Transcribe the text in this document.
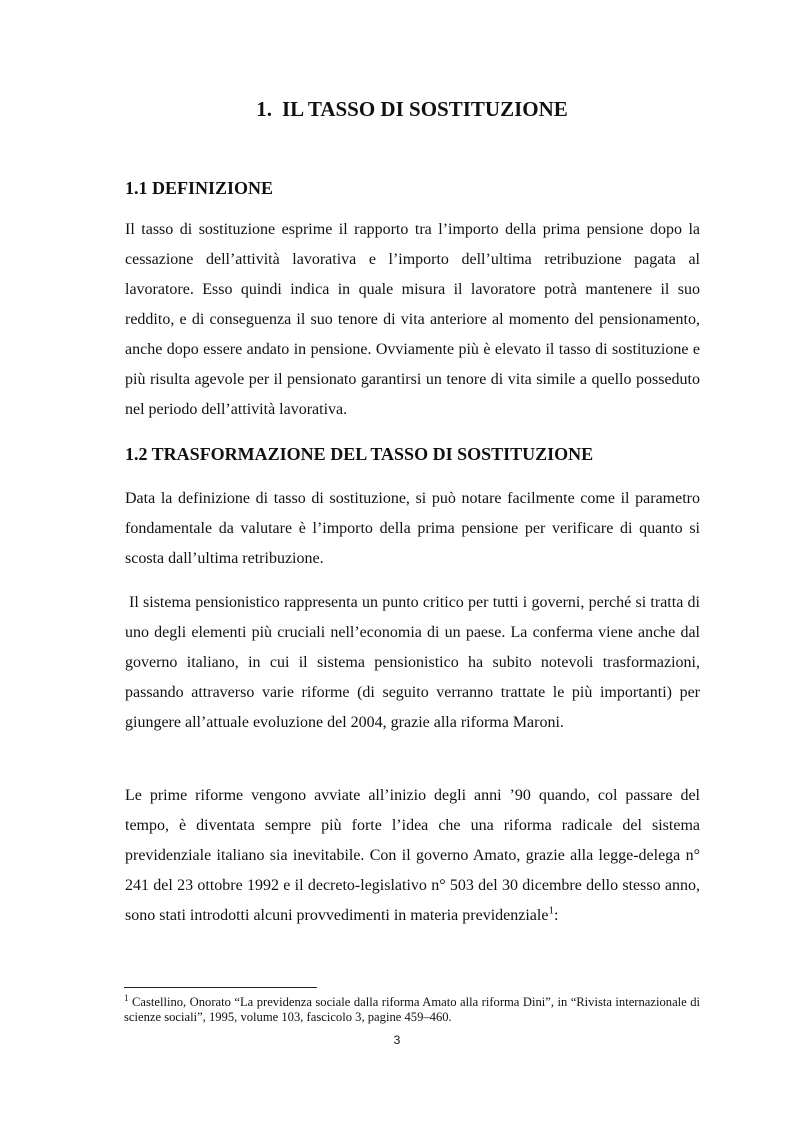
1. IL TASSO DI SOSTITUZIONE
1.1 DEFINIZIONE

Il tasso di sostituzione esprime il rapporto tra l’importo della prima pensione dopo la cessazione dell’attività lavorativa e l’importo dell’ultima retribuzione pagata al lavoratore. Esso quindi indica in quale misura il lavoratore potrà mantenere il suo reddito, e di conseguenza il suo tenore di vita anteriore al momento del pensionamento, anche dopo essere andato in pensione. Ovviamente più è elevato il tasso di sostituzione e più risulta agevole per il pensionato garantirsi un tenore di vita simile a quello posseduto nel periodo dell’attività lavorativa.

1.2 TRASFORMAZIONE DEL TASSO DI SOSTITUZIONE

Data la definizione di tasso di sostituzione, si può notare facilmente come il parametro fondamentale da valutare è l’importo della prima pensione per verificare di quanto si scosta dall’ultima retribuzione.

Il sistema pensionistico rappresenta un punto critico per tutti i governi, perché si tratta di uno degli elementi più cruciali nell’economia di un paese. La conferma viene anche dal governo italiano, in cui il sistema pensionistico ha subito notevoli trasformazioni, passando attraverso varie riforme (di seguito verranno trattate le più importanti) per giungere all’attuale evoluzione del 2004, grazie alla riforma Maroni.

Le prime riforme vengono avviate all’inizio degli anni ’90 quando, col passare del tempo, è diventata sempre più forte l’idea che una riforma radicale del sistema previdenziale italiano sia inevitabile. Con il governo Amato, grazie alla legge-delega n° 241 del 23 ottobre 1992 e il decreto-legislativo n° 503 del 30 dicembre dello stesso anno, sono stati introdotti alcuni provvedimenti in materia previdenziale$^1$:

$^1$ Castellino, Onorato “La previdenza sociale dalla riforma Amato alla riforma Dini”, in “Rivista internazionale di scienze sociali”, 1995, volume 103, fascicolo 3, pagine 459–460.

3
